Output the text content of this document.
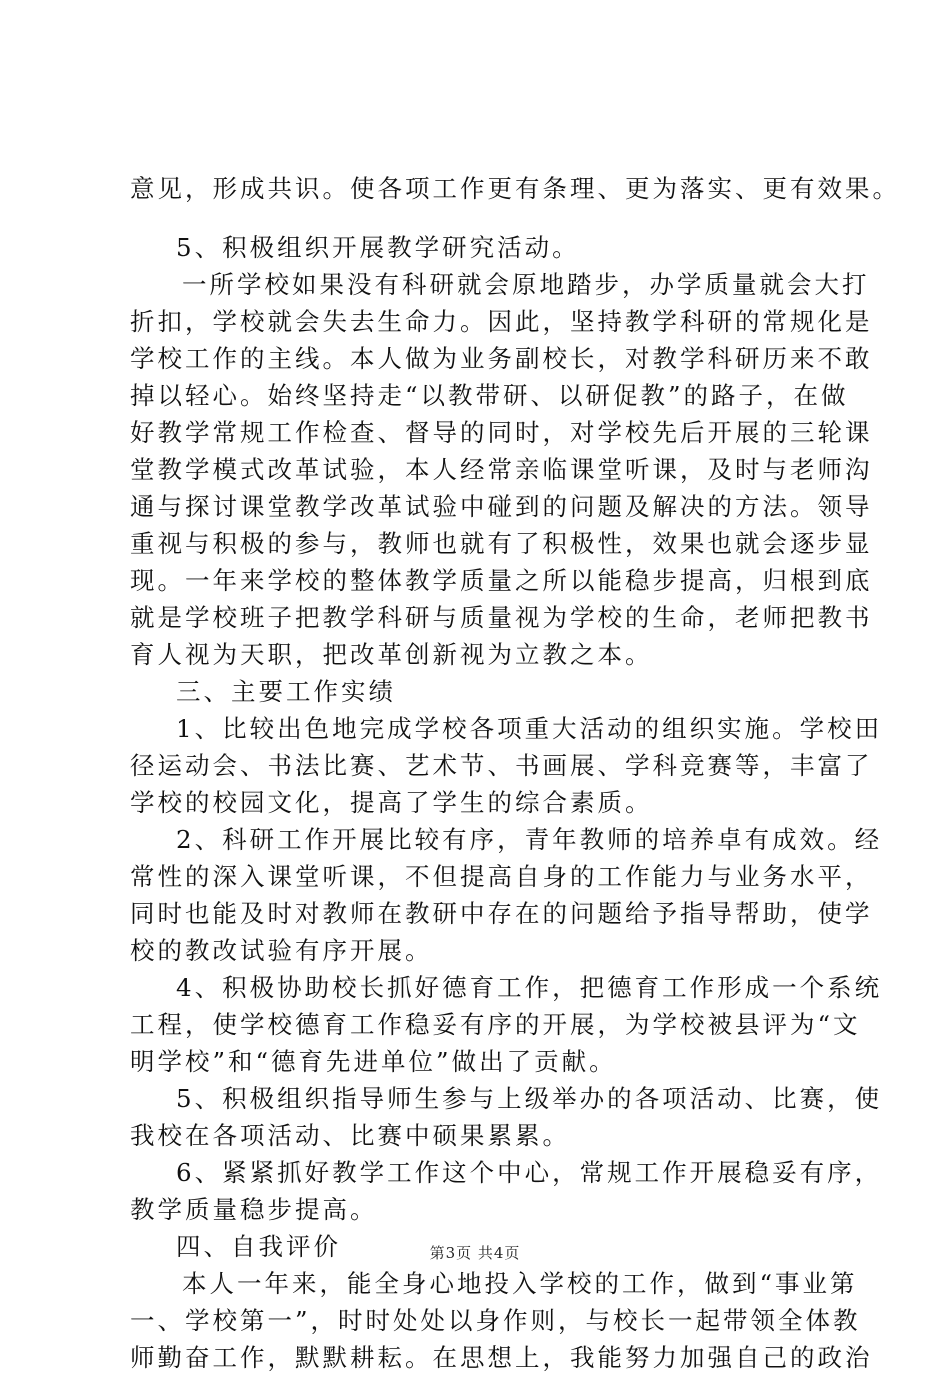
意见，形成共识。使各项工作更有条理、更为落实、更有效果。
5、积极组织开展教学研究活动。
一所学校如果没有科研就会原地踏步，办学质量就会大打
折扣，学校就会失去生命力。因此，坚持教学科研的常规化是
学校工作的主线。本人做为业务副校长，对教学科研历来不敢
掉以轻心。始终坚持走“以教带研、以研促教”的路子，在做
好教学常规工作检查、督导的同时，对学校先后开展的三轮课
堂教学模式改革试验，本人经常亲临课堂听课，及时与老师沟
通与探讨课堂教学改革试验中碰到的问题及解决的方法。领导
重视与积极的参与，教师也就有了积极性，效果也就会逐步显
现。一年来学校的整体教学质量之所以能稳步提高，归根到底
就是学校班子把教学科研与质量视为学校的生命，老师把教书
育人视为天职，把改革创新视为立教之本。
三、主要工作实绩
1、比较出色地完成学校各项重大活动的组织实施。学校田
径运动会、书法比赛、艺术节、书画展、学科竞赛等，丰富了
学校的校园文化，提高了学生的综合素质。
2、科研工作开展比较有序，青年教师的培养卓有成效。经
常性的深入课堂听课，不但提高自身的工作能力与业务水平，
同时也能及时对教师在教研中存在的问题给予指导帮助，使学
校的教改试验有序开展。
4、积极协助校长抓好德育工作，把德育工作形成一个系统
工程，使学校德育工作稳妥有序的开展，为学校被县评为“文
明学校”和“德育先进单位”做出了贡献。
5、积极组织指导师生参与上级举办的各项活动、比赛，使
我校在各项活动、比赛中硕果累累。
6、紧紧抓好教学工作这个中心，常规工作开展稳妥有序，
教学质量稳步提高。
四、自我评价
本人一年来，能全身心地投入学校的工作，做到“事业第
一、学校第一”，时时处处以身作则，与校长一起带领全体教
师勤奋工作，默默耕耘。在思想上，我能努力加强自己的政治
第3页 共4页
